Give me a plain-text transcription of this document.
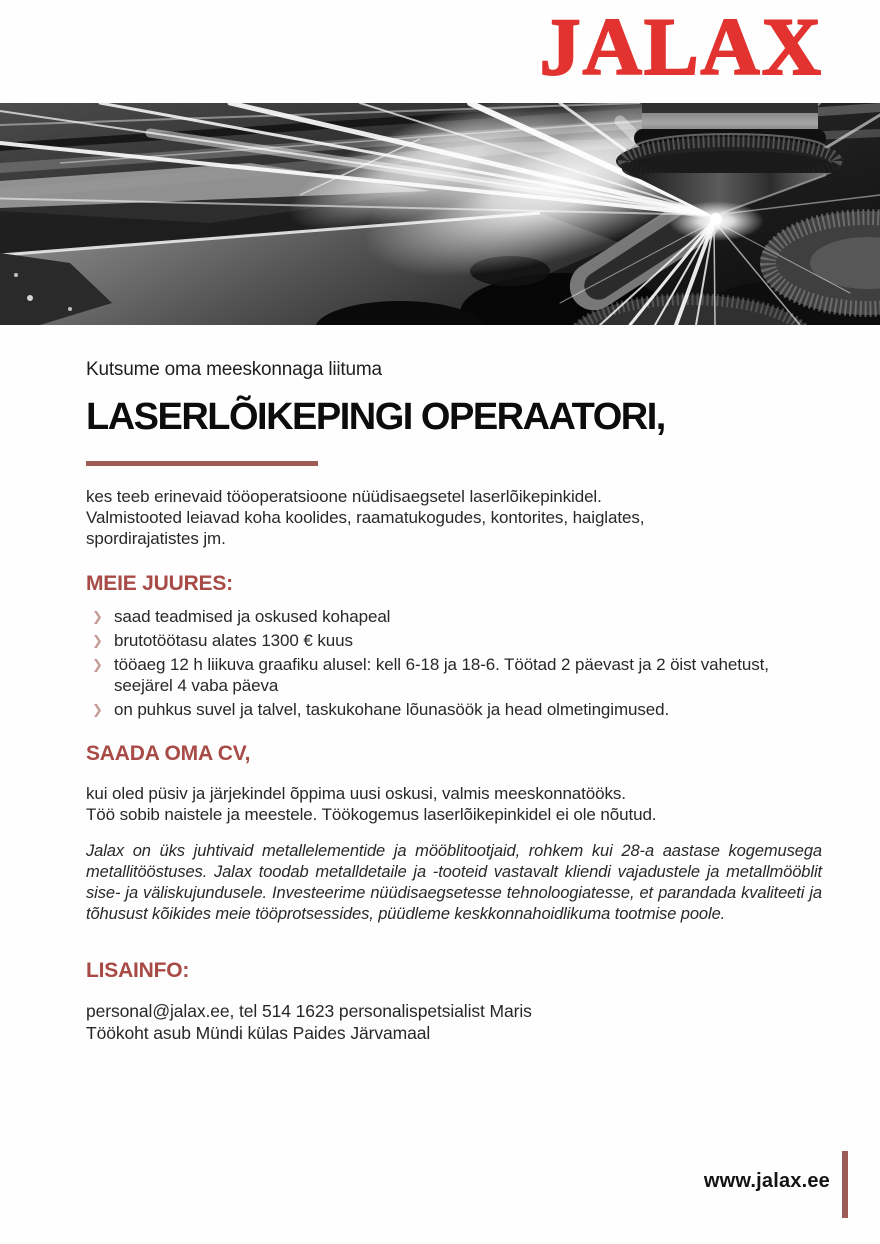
JALAX
Kutsume oma meeskonnaga liituma
LASERLÕIKEPINGI OPERAATORI,
kes teeb erinevaid tööoperatsioone nüüdisaegsetel laserlõikepinkidel.
Valmistooted leiavad koha koolides, raamatukogudes, kontorites, haiglates,
spordirajatistes jm.
MEIE JUURES:
❯ saad teadmised ja oskused kohapeal
❯ brutotöötasu alates 1300 € kuus
❯ tööaeg 12 h liikuva graafiku alusel: kell 6-18 ja 18-6. Töötad 2 päevast ja 2 öist vahetust, seejärel 4 vaba päeva
❯ on puhkus suvel ja talvel, taskukohane lõunasöök ja head olmetingimused.
SAADA OMA CV,
kui oled püsiv ja järjekindel õppima uusi oskusi, valmis meeskonnatööks.
Töö sobib naistele ja meestele. Töökogemus laserlõikepinkidel ei ole nõutud.

Jalax on üks juhtivaid metallelementide ja mööblitootjaid, rohkem kui 28-a aastase kogemusega metallitööstuses. Jalax toodab metalldetaile ja -tooteid vastavalt kliendi vajadustele ja metallmööblit sise- ja väliskujundusele. Investeerime nüüdisaegsetesse tehnoloogiatesse, et parandada kvaliteeti ja tõhusust kõikides meie tööprotsessides, püüdleme keskkonnahoidlikuma tootmise poole.

LISAINFO:
personal@jalax.ee, tel 514 1623 personalispetsialist Maris
Töökoht asub Mündi külas Paides Järvamaal
www.jalax.ee
